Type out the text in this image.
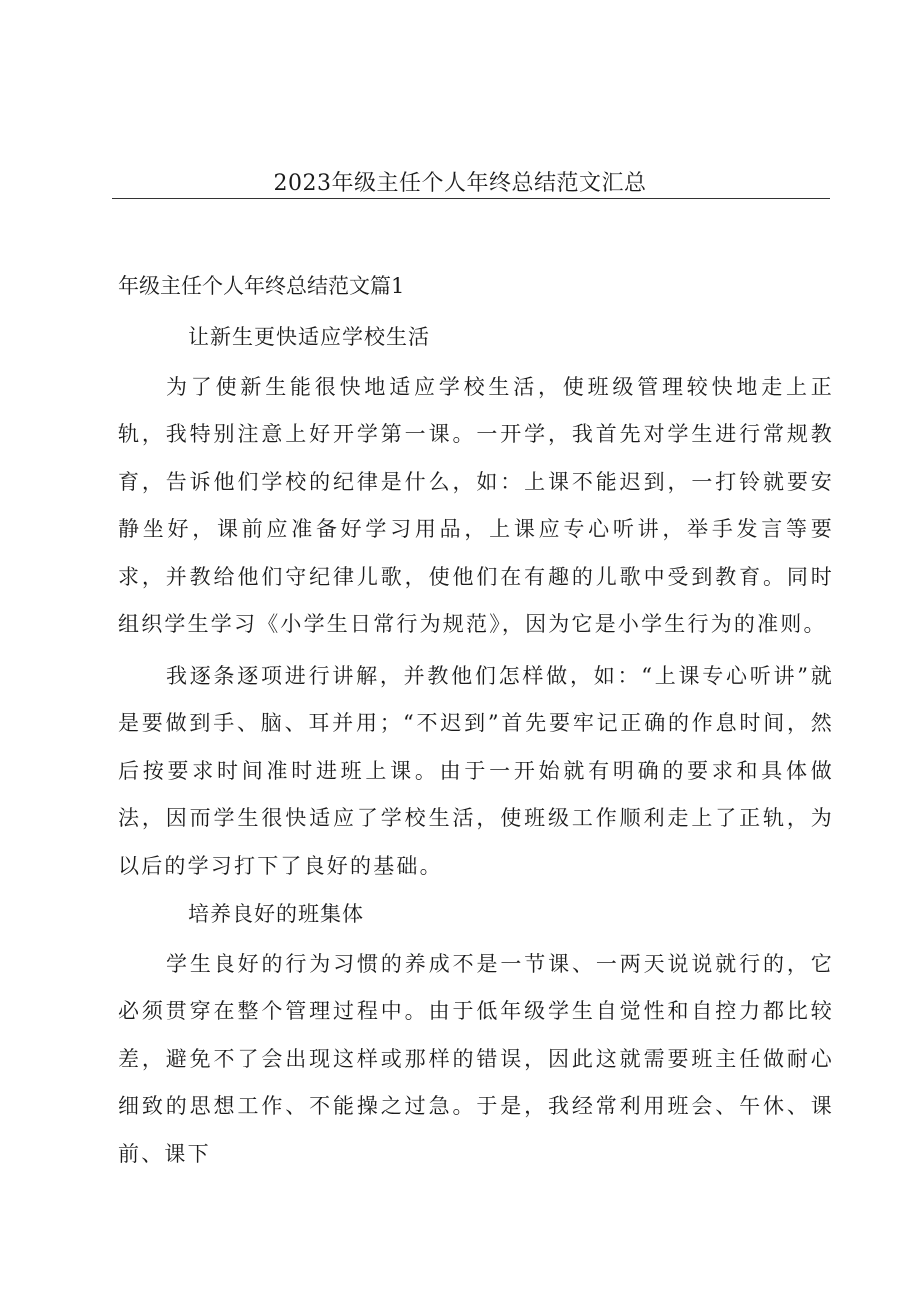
2023年级主任个人年终总结范文汇总
年级主任个人年终总结范文篇1
让新生更快适应学校生活

为了使新生能很快地适应学校生活，使班级管理较快地走上正轨，我特别注意上好开学第一课。一开学，我首先对学生进行常规教育，告诉他们学校的纪律是什么，如：上课不能迟到，一打铃就要安静坐好，课前应准备好学习用品，上课应专心听讲，举手发言等要求，并教给他们守纪律儿歌，使他们在有趣的儿歌中受到教育。同时组织学生学习《小学生日常行为规范》，因为它是小学生行为的准则。

我逐条逐项进行讲解，并教他们怎样做，如：“上课专心听讲”就是要做到手、脑、耳并用；“不迟到”首先要牢记正确的作息时间，然后按要求时间准时进班上课。由于一开始就有明确的要求和具体做法，因而学生很快适应了学校生活，使班级工作顺利走上了正轨，为以后的学习打下了良好的基础。

培养良好的班集体

学生良好的行为习惯的养成不是一节课、一两天说说就行的，它必须贯穿在整个管理过程中。由于低年级学生自觉性和自控力都比较差，避免不了会出现这样或那样的错误，因此这就需要班主任做耐心细致的思想工作、不能操之过急。于是，我经常利用班会、午休、课前、课下
